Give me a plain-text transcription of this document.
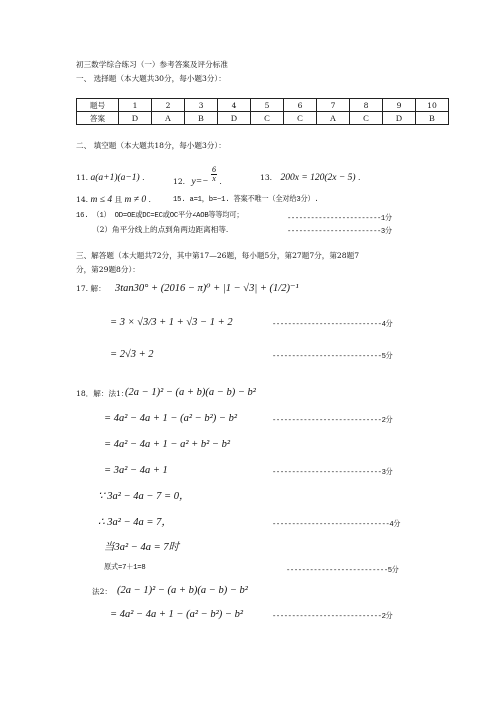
初三数学综合练习（一）参考答案及评分标准
一、 选择题（本大题共30分，每小题3分）：
题号	1	2	3	4	5	6	7	8	9	10
答案	D	A	B	D	C	C	A	C	D	B
二、 填空题（本大题共18分，每小题3分）：
11. a(a+1)(a−1) .	12. $y=- \frac{6}{x}$ .	13. 200x = 120(2x − 5) .
14. m ≤ 4 且 m ≠ 0 .	15. a=1，b=−1. 答案不唯一（全对给3分）.
16. （1） OD=OE或DC=EC或OC平分∠AOB等等均可；	------------------------1分
（2）角平分线上的点到角两边距离相等.	------------------------3分
三、解答题（本大题共72分，其中第17—26题，每小题5分，第27题7分，第28题7
分，第29题8分）：
17. 解： 3tan30° + (2016 − π)⁰ + |1 − √3| + (1/2)⁻¹
= 3 × √3/3 + 1 + √3 − 1 + 2	----------------------------4分
= 2√3 + 2	----------------------------5分
18．解：法1：
(2a − 1)² − (a + b)(a − b) − b²
= 4a² − 4a + 1 − (a² − b²) − b²	----------------------------2分
= 4a² − 4a + 1 − a² + b² − b²
= 3a² − 4a + 1	----------------------------3分
∵ 3a² − 4a − 7 = 0，
∴ 3a² − 4a = 7，	------------------------------4分
当3a² − 4a = 7时
原式=7＋1=8	--------------------------5分
法2： (2a − 1)² − (a + b)(a − b) − b²
= 4a² − 4a + 1 − (a² − b²) − b²	----------------------------2分
